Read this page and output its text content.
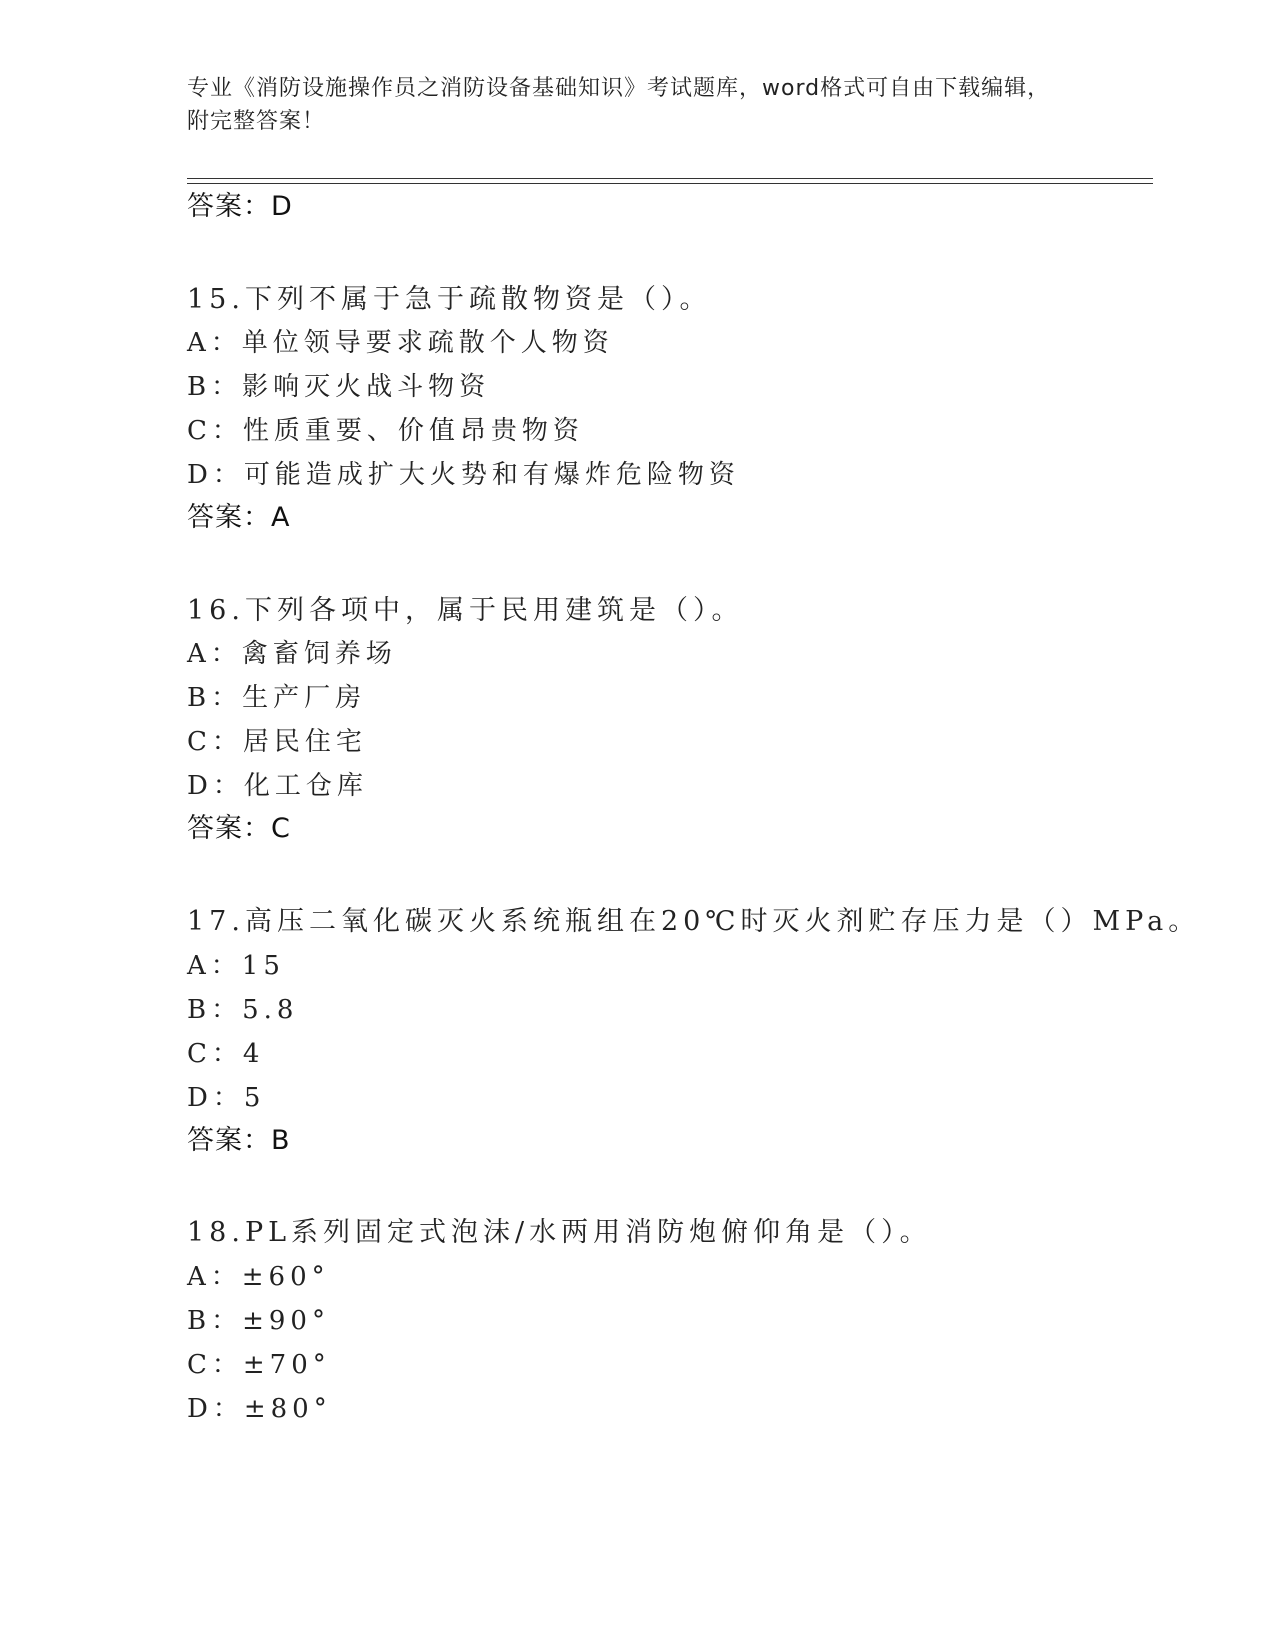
专业《消防设施操作员之消防设备基础知识》考试题库，word格式可自由下载编辑，附完整答案！
答案：D
15.下列不属于急于疏散物资是（）。
A：单位领导要求疏散个人物资
B：影响灭火战斗物资
C：性质重要、价值昂贵物资
D：可能造成扩大火势和有爆炸危险物资
答案：A
16.下列各项中，属于民用建筑是（）。
A：禽畜饲养场
B：生产厂房
C：居民住宅
D：化工仓库
答案：C
17.高压二氧化碳灭火系统瓶组在20℃时灭火剂贮存压力是（）MPa。
A：15
B：5.8
C：4
D：5
答案：B
18.PL系列固定式泡沫/水两用消防炮俯仰角是（）。
A：±60°
B：±90°
C：±70°
D：±80°
